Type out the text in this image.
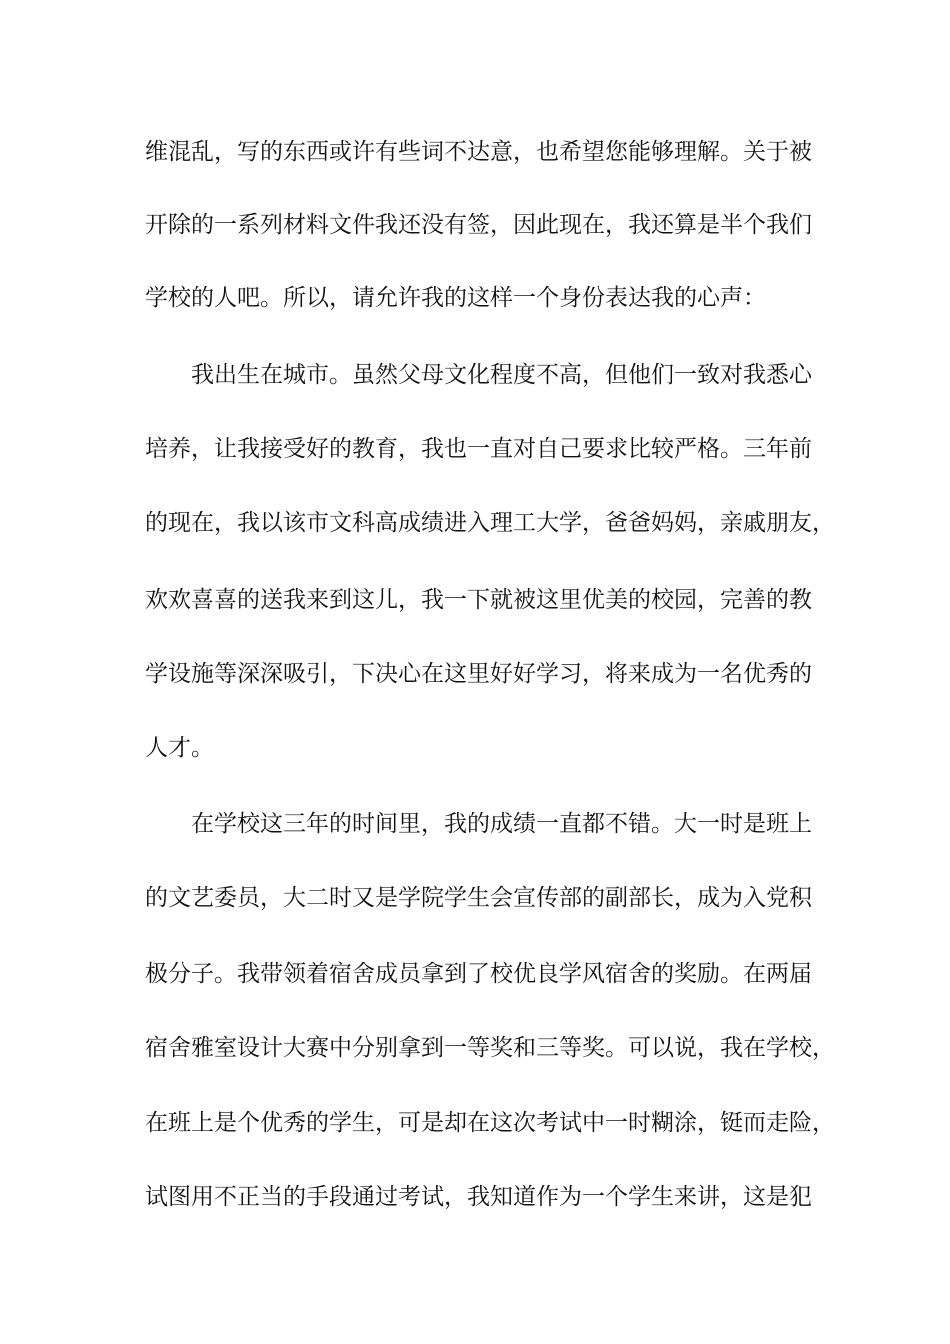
维混乱，写的东西或许有些词不达意，也希望您能够理解。关于被
开除的一系列材料文件我还没有签，因此现在，我还算是半个我们
学校的人吧。所以，请允许我的这样一个身份表达我的心声：
我出生在城市。虽然父母文化程度不高，但他们一致对我悉心
培养，让我接受好的教育，我也一直对自己要求比较严格。三年前
的现在，我以该市文科高成绩进入理工大学，爸爸妈妈，亲戚朋友，
欢欢喜喜的送我来到这儿，我一下就被这里优美的校园，完善的教
学设施等深深吸引，下决心在这里好好学习，将来成为一名优秀的
人才。
在学校这三年的时间里，我的成绩一直都不错。大一时是班上
的文艺委员，大二时又是学院学生会宣传部的副部长，成为入党积
极分子。我带领着宿舍成员拿到了校优良学风宿舍的奖励。在两届
宿舍雅室设计大赛中分别拿到一等奖和三等奖。可以说，我在学校，
在班上是个优秀的学生，可是却在这次考试中一时糊涂，铤而走险，
试图用不正当的手段通过考试，我知道作为一个学生来讲，这是犯
